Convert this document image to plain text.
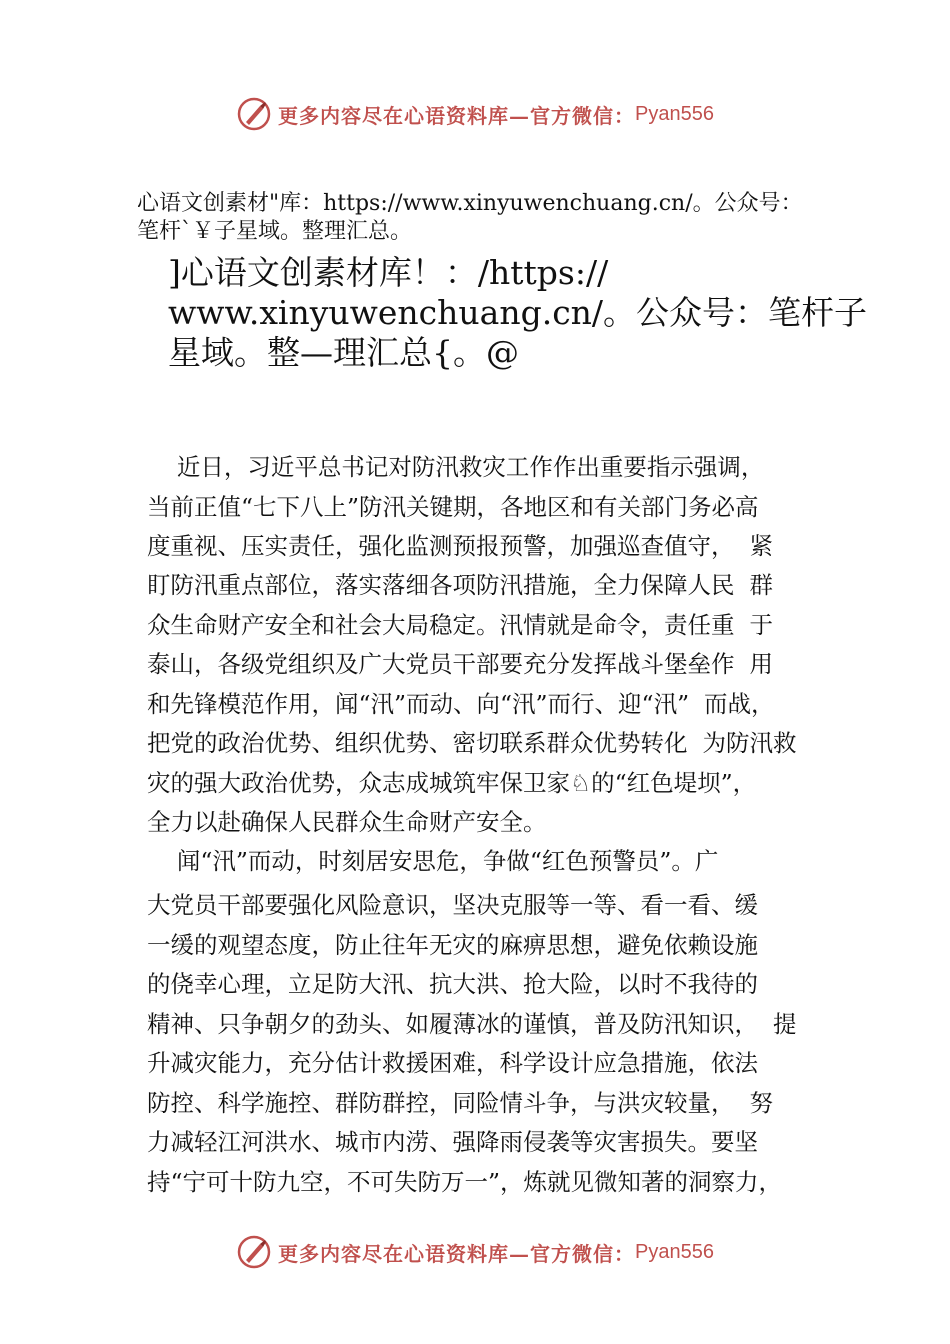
更多内容尽在心语资料库—官方微信： Pyan556
心语文创素材"库：https://www.xinyuwenchuang.cn/。公众号：
笔杆`￥子星域。整理汇总。
]心语文创素材库！：/https://
www.xinyuwenchuang.cn/。公众号：笔杆子
星域。整—理汇总{。@
近日，习近平总书记对防汛救灾工作作出重要指示强调，
当前正值“七下八上”防汛关键期，各地区和有关部门务必高
度重视、压实责任，强化监测预报预警，加强巡查值守，  紧
盯防汛重点部位，落实落细各项防汛措施，全力保障人民  群
众生命财产安全和社会大局稳定。汛情就是命令，责任重  于
泰山，各级党组织及广大党员干部要充分发挥战斗堡垒作  用
和先锋模范作用，闻“汛”而动、向“汛”而行、迎“汛”  而战，
把党的政治优势、组织优势、密切联系群众优势转化  为防汛救
灾的强大政治优势，众志成城筑牢保卫家♘的“红色堤坝”，
全力以赴确保人民群众生命财产安全。
闻“汛”而动，时刻居安思危，争做“红色预警员”。广
大党员干部要强化风险意识，坚决克服等一等、看一看、缓
一缓的观望态度，防止往年无灾的麻痹思想，避免依赖设施
的侥幸心理，立足防大汛、抗大洪、抢大险，以时不我待的
精神、只争朝夕的劲头、如履薄冰的谨慎，普及防汛知识，  提
升减灾能力，充分估计救援困难，科学设计应急措施，依法
防控、科学施控、群防群控，同险情斗争，与洪灾较量，  努
力减轻江河洪水、城市内涝、强降雨侵袭等灾害损失。要坚
持“宁可十防九空，不可失防万一”，炼就见微知著的洞察力，
更多内容尽在心语资料库—官方微信： Pyan556
